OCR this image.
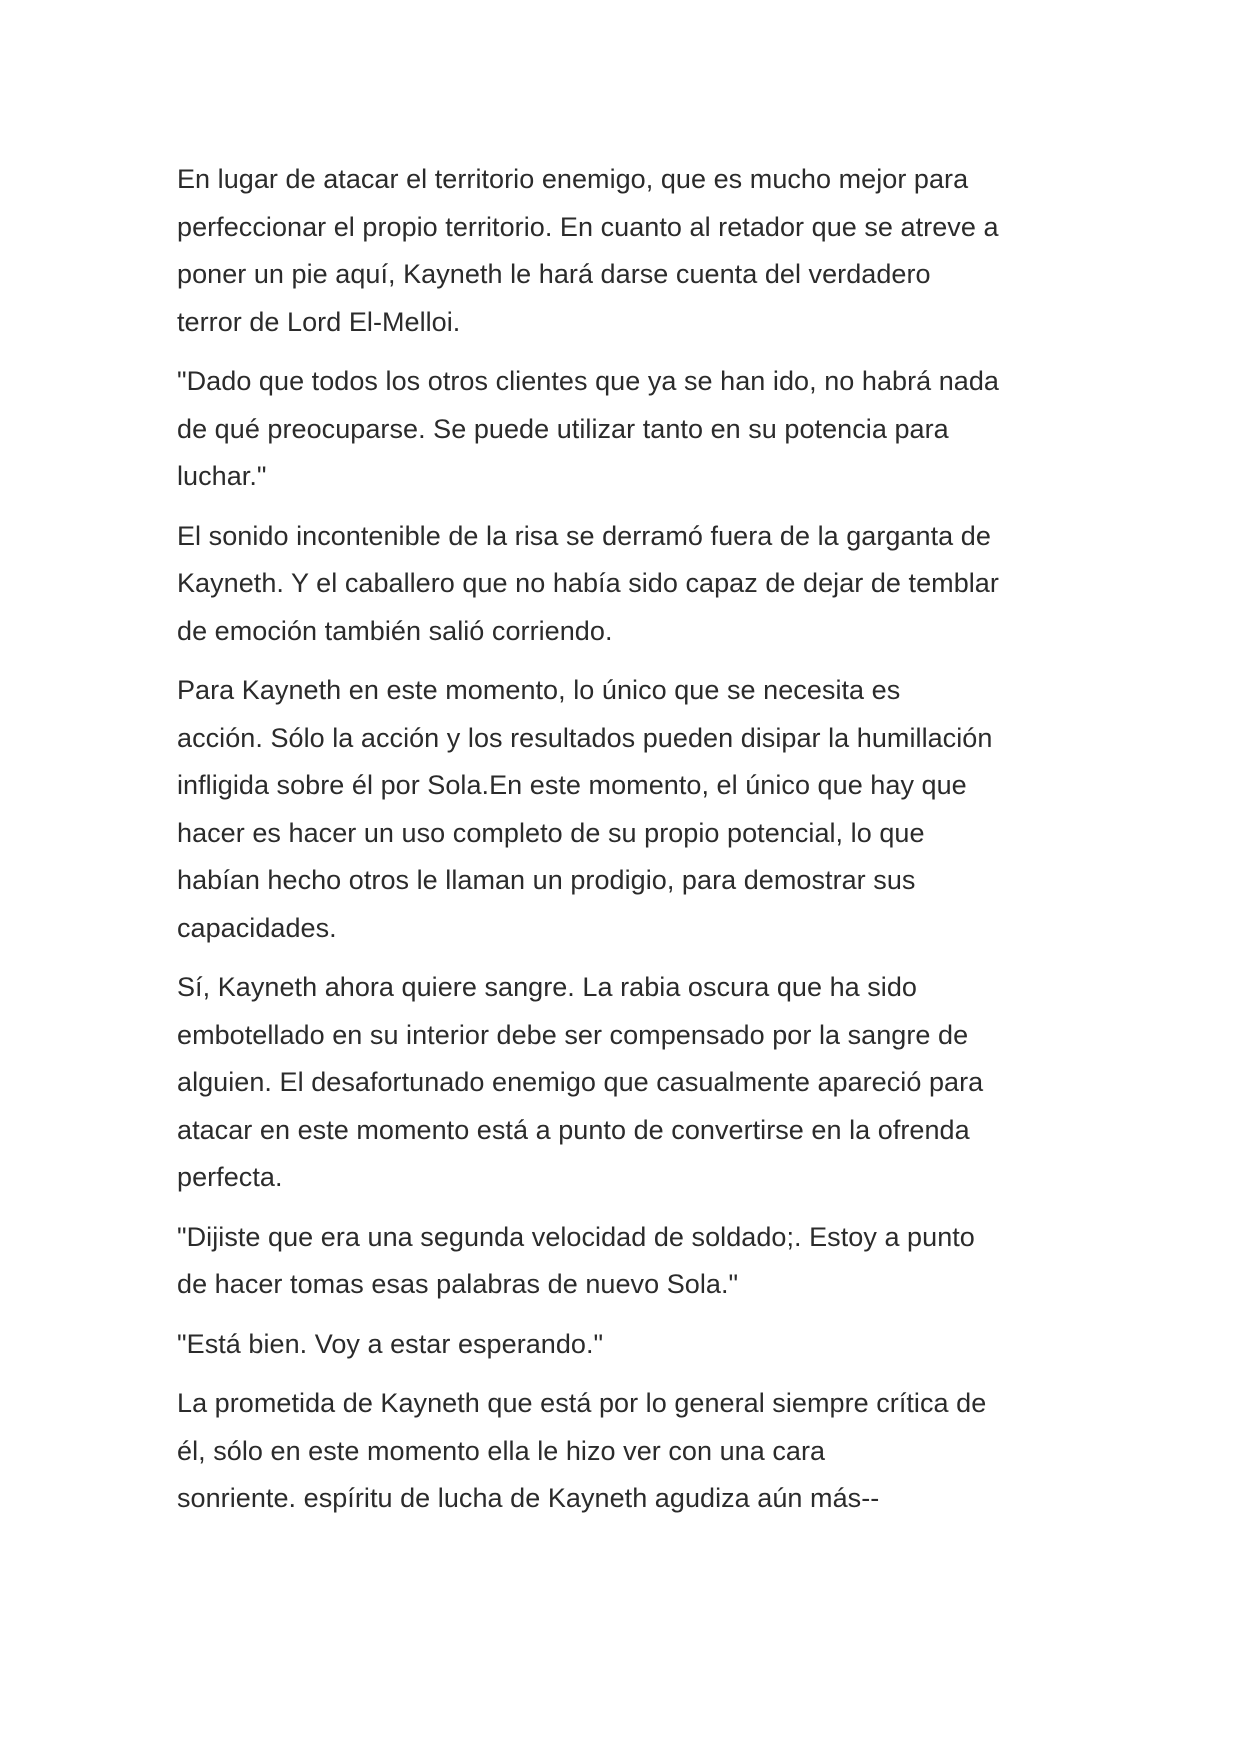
En lugar de atacar el territorio enemigo, que es mucho mejor para
perfeccionar el propio territorio. En cuanto al retador que se atreve a
poner un pie aquí, Kayneth le hará darse cuenta del verdadero
terror de Lord El-Melloi.

"Dado que todos los otros clientes que ya se han ido, no habrá nada
de qué preocuparse. Se puede utilizar tanto en su potencia para
luchar."

El sonido incontenible de la risa se derramó fuera de la garganta de
Kayneth. Y el caballero que no había sido capaz de dejar de temblar
de emoción también salió corriendo.

Para Kayneth en este momento, lo único que se necesita es
acción. Sólo la acción y los resultados pueden disipar la humillación
infligida sobre él por Sola.En este momento, el único que hay que
hacer es hacer un uso completo de su propio potencial, lo que
habían hecho otros le llaman un prodigio, para demostrar sus
capacidades.

Sí, Kayneth ahora quiere sangre. La rabia oscura que ha sido
embotellado en su interior debe ser compensado por la sangre de
alguien. El desafortunado enemigo que casualmente apareció para
atacar en este momento está a punto de convertirse en la ofrenda
perfecta.

"Dijiste que era una segunda velocidad de soldado;. Estoy a punto
de hacer tomas esas palabras de nuevo Sola."

"Está bien. Voy a estar esperando."

La prometida de Kayneth que está por lo general siempre crítica de
él, sólo en este momento ella le hizo ver con una cara
sonriente. espíritu de lucha de Kayneth agudiza aún más--
